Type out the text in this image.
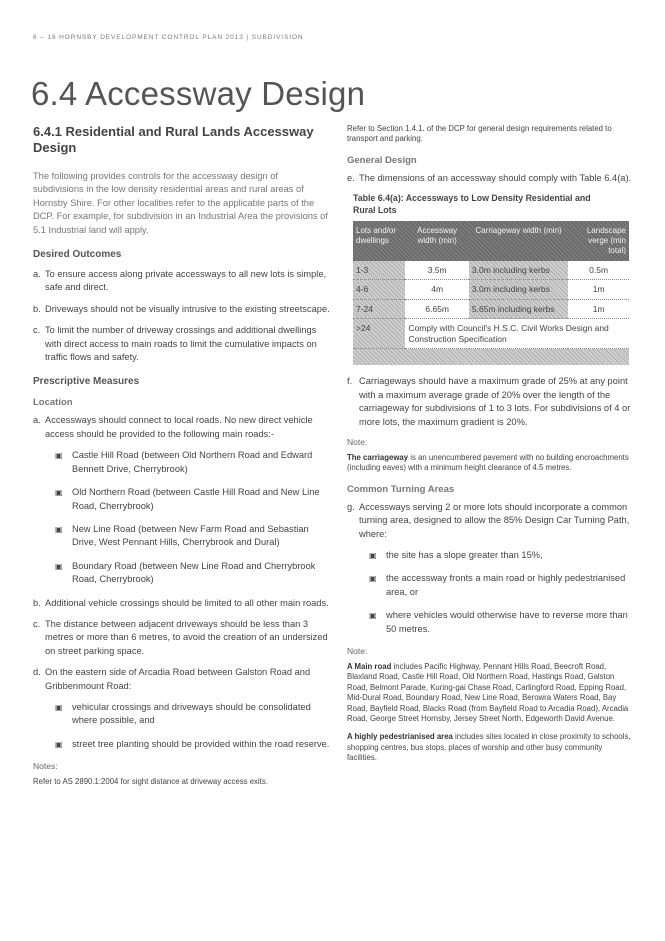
6 – 16 HORNSBY DEVELOPMENT CONTROL PLAN 2013 | SUBDIVISION
6.4 Accessway Design
6.4.1 Residential and Rural Lands Accessway Design

The following provides controls for the accessway design of subdivisions in the low density residential areas and rural areas of Hornsby Shire. For other localities refer to the applicable parts of the DCP. For example, for subdivision in an Industrial Area the provisions of 5.1 Industrial land will apply.

Desired Outcomes
a. To ensure access along private accessways to all new lots is simple, safe and direct.
b. Driveways should not be visually intrusive to the existing streetscape.
c. To limit the number of driveway crossings and additional dwellings with direct access to main roads to limit the cumulative impacts on traffic flows and safety.
Prescriptive Measures
Location
a. Accessways should connect to local roads. No new direct vehicle access should be provided to the following main roads:-
▣	Castle Hill Road (between Old Northern Road and Edward Bennett Drive, Cherrybrook)
▣	Old Northern Road (between Castle Hill Road and New Line Road, Cherrybrook)
▣	New Line Road (between New Farm Road and Sebastian Drive, West Pennant Hills, Cherrybrook and Dural)
▣	Boundary Road (between New Line Road and Cherrybrook Road, Cherrybrook)
b. Additional vehicle crossings should be limited to all other main roads.
c. The distance between adjacent driveways should be less than 3 metres or more than 6 metres, to avoid the creation of an undersized on street parking space.
d. On the eastern side of Arcadia Road between Galston Road and Gribbenmount Road:
▣	vehicular crossings and driveways should be consolidated where possible, and
▣	street tree planting should be provided within the road reserve.
Notes:

Refer to AS 2890.1:2004 for sight distance at driveway access exits.

Refer to Section 1.4.1. of the DCP for general design requirements related to transport and parking.

General Design
e. The dimensions of an accessway should comply with Table 6.4(a).
Table 6.4(a): Accessways to Low Density Residential and Rural Lots
Lots and/or dwellings	Accessway width (min)	Carriageway width (min)	Landscape verge (min total)
1-3	3.5m	3.0m including kerbs	0.5m
4-6	4m	3.0m including kerbs	1m
7-24	6.65m	5.65m including kerbs	1m
>24	Comply with Council's H.S.C. Civil Works Design and Construction Specification		
f. Carriageways should have a maximum grade of 25% at any point with a maximum average grade of 20% over the length of the carriageway for subdivisions of 1 to 3 lots. For subdivisions of 4 or more lots, the maximum gradient is 20%.
Note:

The carriageway is an unencumbered pavement with no building encroachments (including eaves) with a minimum height clearance of 4.5 metres.

Common Turning Areas
g. Accessways serving 2 or more lots should incorporate a common turning area, designed to allow the 85% Design Car Turning Path, where:
▣	the site has a slope greater than 15%,
▣	the accessway fronts a main road or highly pedestrianised area, or
▣	where vehicles would otherwise have to reverse more than 50 metres.
Note:

A Main road includes Pacific Highway, Pennant Hills Road, Beecroft Road, Blaxland Road, Castle Hill Road, Old Northern Road, Hastings Road, Galston Road, Belmont Parade, Kuring-gai Chase Road, Carlingford Road, Epping Road, Mid-Dural Road, Boundary Road, New Line Road, Berowra Waters Road, Bay Road, Bayfield Road, Blacks Road (from Bayfield Road to Arcadia Road), Arcadia Road, George Street Hornsby, Jersey Street North, Edgeworth David Avenue.

A highly pedestrianised area includes sites located in close proximity to schools, shopping centres, bus stops, places of worship and other busy community facilities.
